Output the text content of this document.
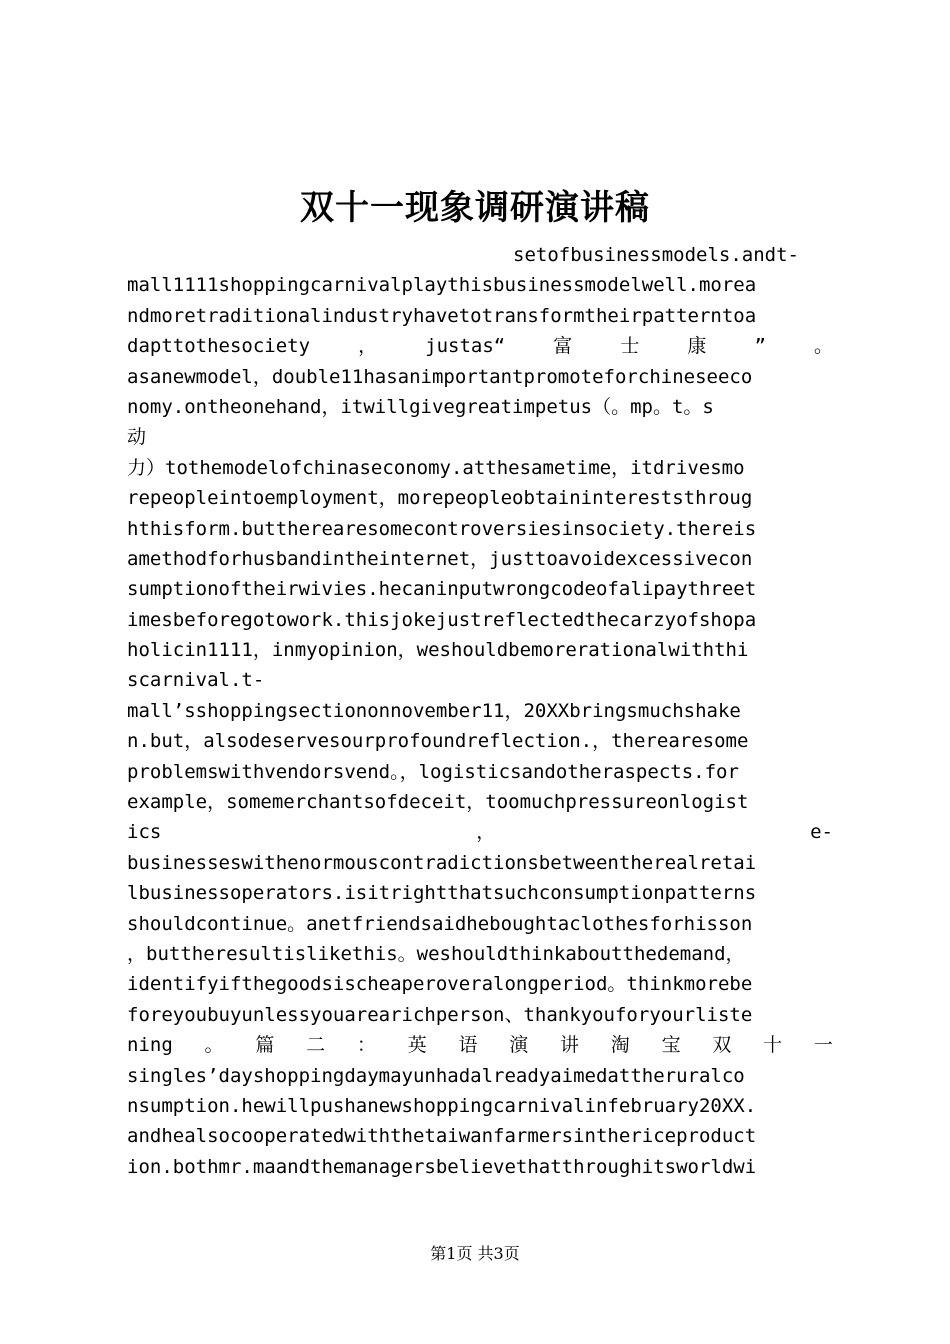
双十一现象调研演讲稿
setofbusinessmodels.andt-
mall1111shoppingcarnivalplaythisbusinessmodelwell.morea
ndmoretraditionalindustryhavetotransformtheirpatterntoa
dapttothesociety	，	justas“	富	士	康	”	。
asanewmodel，double11hasanimportantpromoteforchineseeco
nomy.ontheonehand，itwillgivegreatimpetus（。mp。t。s
动
力）tothemodelofchinaseconomy.atthesametime，itdrivesmo
repeopleintoemployment，morepeopleobtainintereststhroug
hthisform.buttherearesomecontroversiesinsociety.thereis
amethodforhusbandintheinternet，justtoavoidexcessivecon
sumptionoftheirwivies.hecaninputwrongcodeofalipaythreet
imesbeforegotowork.thisjokejustreflectedthecarzyofshopa
holicin1111，inmyopinion，weshouldbemorerationalwiththi
scarnival.t-
mall’sshoppingsectiononnovember11，20XXbringsmuchshake
n.but，alsodeservesourprofoundreflection.，therearesome
problemswithvendorsvend。，logisticsandotheraspects.for
example，somemerchantsofdeceit，toomuchpressureonlogist
ics	，	e-
businesseswithenormouscontradictionsbetweentherealretai
lbusinessoperators.isitrightthatsuchconsumptionpatterns
shouldcontinue。anetfriendsaidheboughtaclothesforhisson
，buttheresultislikethis。weshouldthinkaboutthedemand，
identifyifthegoodsischeaperoveralongperiod。thinkmorebe
foreyoubuyunlessyouarearichperson、thankyouforyourliste
ning 。 篇 二 ： 英 语 演 讲 淘 宝 双 十 一
singles’dayshoppingdaymayunhadalreadyaimedattheruralco
nsumption.hewillpushanewshoppingcarnivalinfebruary20XX.
andhealsocooperatedwiththetaiwanfarmersinthericeproduct
ion.bothmr.maandthemanagersbelievethatthroughitsworldwi
第1页 共3页
